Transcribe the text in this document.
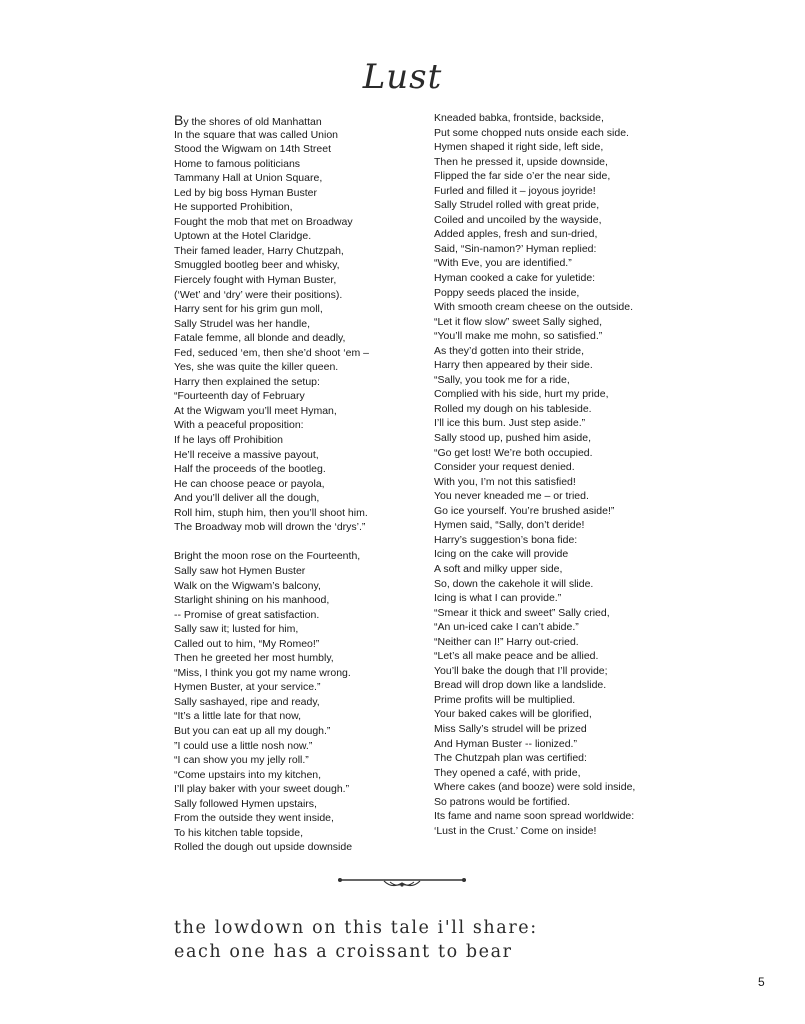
Lust
By the shores of old Manhattan
In the square that was called Union
Stood the Wigwam on 14th Street
Home to famous politicians
Tammany Hall at Union Square,
Led by big boss Hyman Buster
He supported Prohibition,
Fought the mob that met on Broadway
Uptown at the Hotel Claridge.
Their famed leader, Harry Chutzpah,
Smuggled bootleg beer and whisky,
Fiercely fought with Hyman Buster,
(‘Wet’ and ‘dry’ were their positions).
Harry sent for his grim gun moll,
Sally Strudel was her handle,
Fatale femme, all blonde and deadly,
Fed, seduced ‘em, then she’d shoot ‘em –
Yes, she was quite the killer queen.
Harry then explained the setup:
“Fourteenth day of February
At the Wigwam you’ll meet Hyman,
With a peaceful proposition:
If he lays off Prohibition
He’ll receive a massive payout,
Half the proceeds of the bootleg.
He can choose peace or payola,
And you’ll deliver all the dough,
Roll him, stuph him, then you’ll shoot him.
The Broadway mob will drown the ‘drys’.”
Bright the moon rose on the Fourteenth,
Sally saw hot Hymen Buster
Walk on the Wigwam’s balcony,
Starlight shining on his manhood,
-- Promise of great satisfaction.
Sally saw it; lusted for him,
Called out to him, “My Romeo!”
Then he greeted her most humbly,
“Miss, I think you got my name wrong.
Hymen Buster, at your service.”
Sally sashayed, ripe and ready,
“It’s a little late for that now,
But you can eat up all my dough.”
”I could use a little nosh now.”
“I can show you my jelly roll.”
“Come upstairs into my kitchen,
I’ll play baker with your sweet dough.”
Sally followed Hymen upstairs,
From the outside they went inside,
To his kitchen table topside,
Rolled the dough out upside downside
Kneaded babka, frontside, backside,
Put some chopped nuts onside each side.
Hymen shaped it right side, left side,
Then he pressed it, upside downside,
Flipped the far side o’er the near side,
Furled and filled it – joyous joyride!
Sally Strudel rolled with great pride,
Coiled and uncoiled by the wayside,
Added apples, fresh and sun-dried,
Said, “Sin-namon?’ Hyman replied:
“With Eve, you are identified.”
Hyman cooked a cake for yuletide:
Poppy seeds placed the inside,
With smooth cream cheese on the outside.
“Let it flow slow” sweet Sally sighed,
“You’ll make me mohn, so satisfied.”
As they’d gotten into their stride,
Harry then appeared by their side.
“Sally, you took me for a ride,
Complied with his side, hurt my pride,
Rolled my dough on his tableside.
I’ll ice this bum. Just step aside.”
Sally stood up, pushed him aside,
“Go get lost! We’re both occupied.
Consider your request denied.
With you, I’m not this satisfied!
You never kneaded me – or tried.
Go ice yourself. You’re brushed aside!”
Hymen said, “Sally, don’t deride!
Harry’s suggestion’s bona fide:
Icing on the cake will provide
A soft and milky upper side,
So, down the cakehole it will slide.
Icing is what I can provide.”
“Smear it thick and sweet” Sally cried,
“An un-iced cake I can’t abide.”
“Neither can I!” Harry out-cried.
“Let’s all make peace and be allied.
You’ll bake the dough that I’ll provide;
Bread will drop down like a landslide.
Prime profits will be multiplied.
Your baked cakes will be glorified,
Miss Sally’s strudel will be prized
And Hyman Buster -- lionized.”
The Chutzpah plan was certified:
They opened a café, with pride,
Where cakes (and booze) were sold inside,
So patrons would be fortified.
Its fame and name soon spread worldwide:
‘Lust in the Crust.’ Come on inside!
the lowdown on this tale i'll share:
each one has a croissant to bear
5
